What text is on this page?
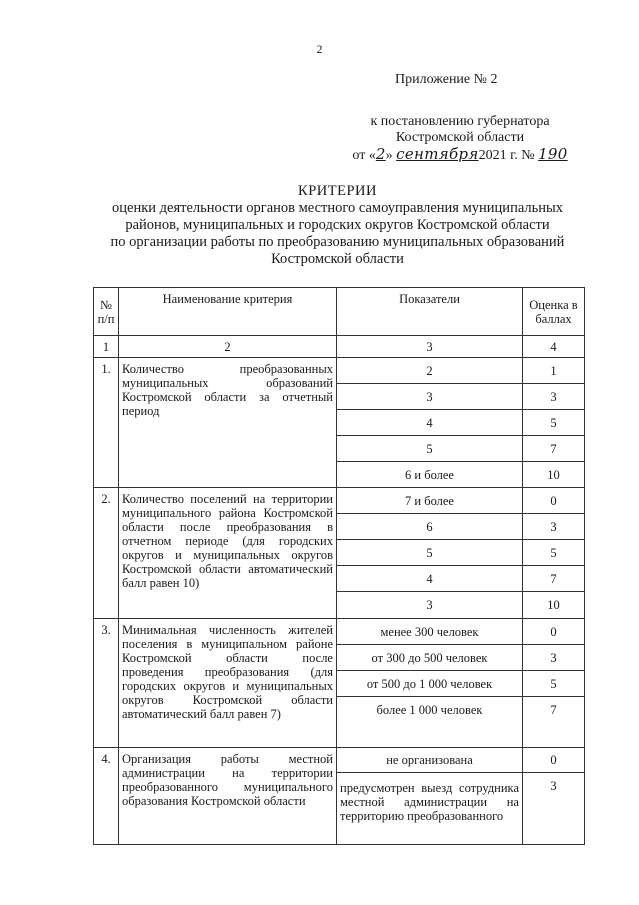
2
Приложение № 2
к постановлению губернатора
Костромской области
от «2» сентября2021 г. № 190
КРИТЕРИИ
оценки деятельности органов местного самоуправления муниципальных
районов, муниципальных и городских округов Костромской области
по организации работы по преобразованию муниципальных образований
Костромской области
№ п/п	Наименование критерия	Показатели	Оценка в баллах
1	2	3	4
1.	Количество преобразованных муниципальных образований Костромской области за отчетный период	2	1
		3	3
		4	5
		5	7
		6 и более	10
2.	Количество поселений на территории муниципального района Костромской области после преобразования в отчетном периоде (для городских округов и муниципальных округов Костромской области автоматический балл равен 10)	7 и более	0
		6	3
		5	5
		4	7
		3	10
3.	Минимальная численность жителей поселения в муниципальном районе Костромской области после проведения преобразования (для городских округов и муниципальных округов Костромской области автоматический балл равен 7)	менее 300 человек	0
		от 300 до 500 человек	3
		от 500 до 1 000 человек	5
		более 1 000 человек	7
4.	Организация работы местной администрации на территории преобразованного муниципального образования Костромской области	не организована	0
		предусмотрен выезд сотрудника местной администрации на территорию преобразованного	3
